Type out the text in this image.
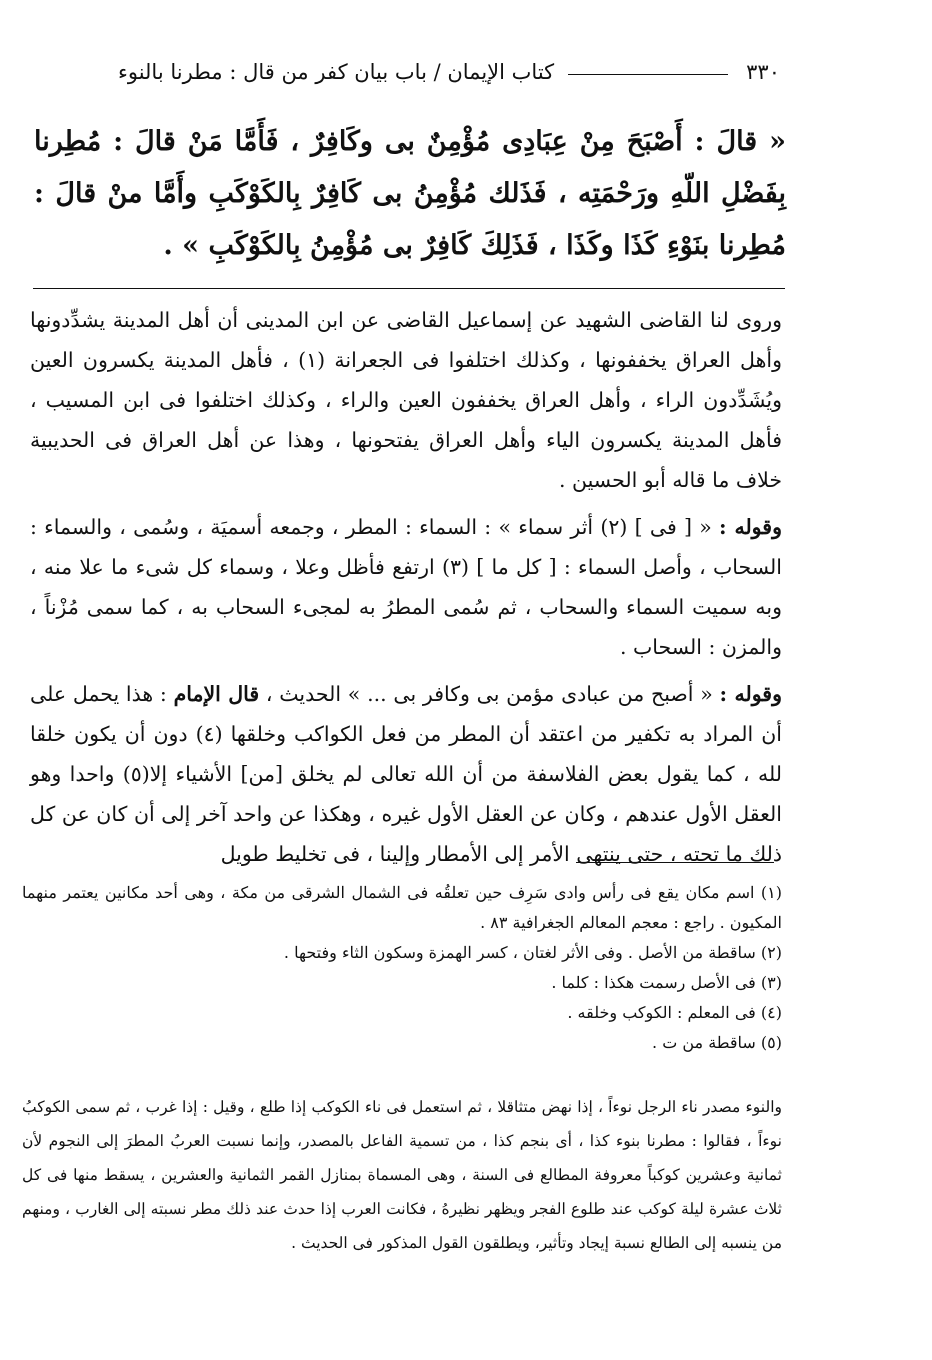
٣٣٠
كتاب الإيمان / باب بيان كفر من قال : مطرنا بالنوء
« قالَ : أَصْبَحَ مِنْ عِبَادِى مُؤْمِنٌ بى وكَافِرٌ ، فَأَمَّا مَنْ قالَ : مُطِرنا بِفَضْلِ اللّهِ ورَحْمَتِه ، فَذَلك مُؤْمِنُ بى كَافِرٌ بِالكَوْكَبِ وأَمَّا منْ قالَ : مُطِرنا بنَوْءِ كَذَا وكَذَا ، فَذَلِكَ كَافِرٌ بى مُؤْمِنُ بِالكَوْكَبِ » .

وروى لنا القاضى الشهيد عن إسماعيل القاضى عن ابن المدينى أن أهل المدينة يشدِّدونها وأهل العراق يخففونها ، وكذلك اختلفوا فى الجعرانة (١) ، فأهل المدينة يكسرون العين ويُشَدِّدون الراء ، وأهل العراق يخففون العين والراء ، وكذلك اختلفوا فى ابن المسيب ، فأهل المدينة يكسرون الياء وأهل العراق يفتحونها ، وهذا عن أهل العراق فى الحديبية خلاف ما قاله أبو الحسين .

وقوله : « [ فى ] (٢) أثر سماء » : السماء : المطر ، وجمعه أسميَة ، وسُمى ، والسماء : السحاب ، وأصل السماء : [ كل ما ] (٣) ارتفع فأظل وعلا ، وسماء كل شىء ما علا منه ، وبه سميت السماء والسحاب ، ثم سُمى المطرُ به لمجىء السحاب به ، كما سمى مُزْناً ، والمزن : السحاب .

وقوله : « أصبح من عبادى مؤمن بى وكافر بى ... » الحديث ، قال الإمام : هذا يحمل على أن المراد به تكفير من اعتقد أن المطر من فعل الكواكب وخلقها (٤) دون أن يكون خلقا لله ، كما يقول بعض الفلاسفة من أن الله تعالى لم يخلق [من] الأشياء إلا(٥) واحدا وهو العقل الأول عندهم ، وكان عن العقل الأول غيره ، وهكذا عن واحد آخر إلى أن كان عن كل ذلك ما تحته ، حتى ينتهى الأمر إلى الأمطار وإلينا ، فى تخليط طويل

(١) اسم مكان يقع فى رأس وادى سَرِف حين تعلقُه فى الشمال الشرقى من مكة ، وهى أحد مكانين يعتمر منهما المكيون . راجع : معجم المعالم الجغرافية ٨٣ .

(٢) ساقطة من الأصل . وفى الأثر لغتان ، كسر الهمزة وسكون الثاء وفتحها .

(٣) فى الأصل رسمت هكذا : كلما .

(٤) فى المعلم : الكوكب وخلقه .

(٥) ساقطة من ت .

والنوء مصدر ناء الرجل نوءاً ، إذا نهض متثاقلا ، ثم استعمل فى ناء الكوكب إذا طلع ، وقيل : إذا غرب ، ثم سمى الكوكبُ نوءاً ، فقالوا : مطرنا بنوء كذا ، أى بنجم كذا ، من تسمية الفاعل بالمصدر، وإنما نسبت العربُ المطرَ إلى النجوم لأن ثمانية وعشرين كوكباً معروفة المطالع فى السنة ، وهى المسماة بمنازل القمر الثمانية والعشرين ، يسقط منها فى كل ثلاث عشرة ليلة كوكب عند طلوع الفجر ويظهر نظيرهُ ، فكانت العرب إذا حدث عند ذلك مطر نسبته إلى الغارب ، ومنهم من ينسبه إلى الطالع نسبة إيجاد وتأثير، ويطلقون القول المذكور فى الحديث .
